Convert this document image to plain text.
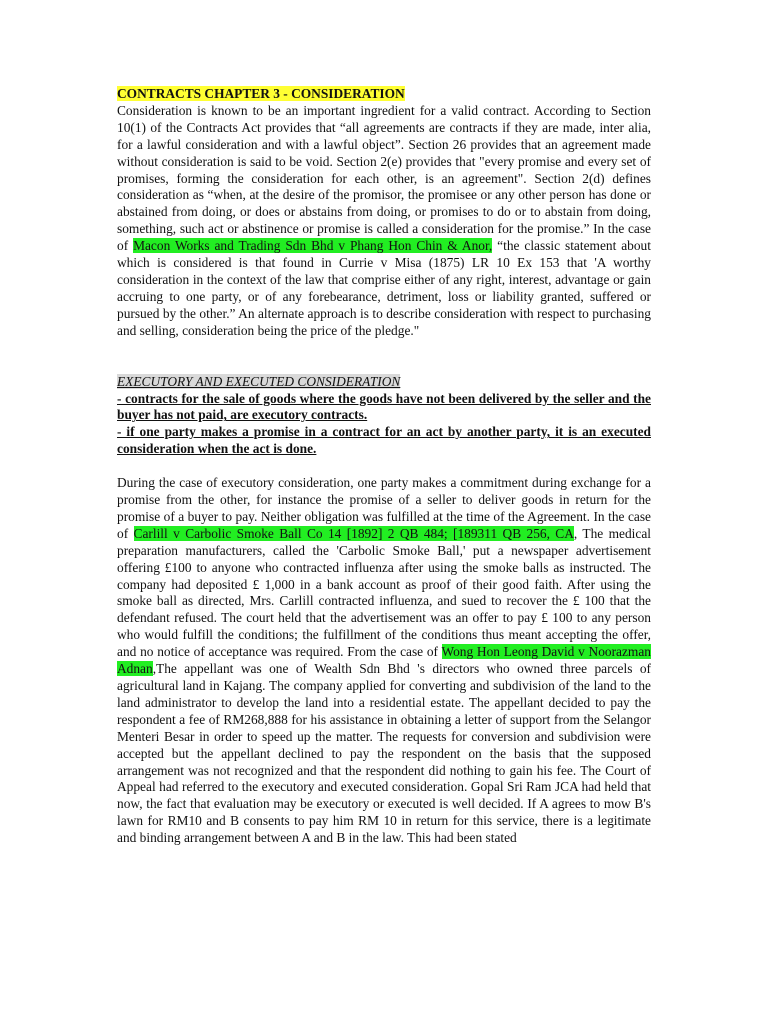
CONTRACTS CHAPTER 3 - CONSIDERATION

Consideration is known to be an important ingredient for a valid contract. According to Section 10(1) of the Contracts Act provides that “all agreements are contracts if they are made, inter alia, for a lawful consideration and with a lawful object”. Section 26 provides that an agreement made without consideration is said to be void. Section 2(e) provides that "every promise and every set of promises, forming the consideration for each other, is an agreement". Section 2(d) defines consideration as “when, at the desire of the promisor, the promisee or any other person has done or abstained from doing, or does or abstains from doing, or promises to do or to abstain from doing, something, such act or abstinence or promise is called a consideration for the promise.” In the case of Macon Works and Trading Sdn Bhd v Phang Hon Chin & Anor, “the classic statement about which is considered is that found in Currie v Misa (1875) LR 10 Ex 153 that 'A worthy consideration in the context of the law that comprise either of any right, interest, advantage or gain accruing to one party, or of any forebearance, detriment, loss or liability granted, suffered or pursued by the other.” An alternate approach is to describe consideration with respect to purchasing and selling, consideration being the price of the pledge."

EXECUTORY AND EXECUTED CONSIDERATION

- contracts for the sale of goods where the goods have not been delivered by the seller and the buyer has not paid, are executory contracts.

- if one party makes a promise in a contract for an act by another party, it is an executed consideration when the act is done.

During the case of executory consideration, one party makes a commitment during exchange for a promise from the other, for instance the promise of a seller to deliver goods in return for the promise of a buyer to pay. Neither obligation was fulfilled at the time of the Agreement. In the case of Carlill v Carbolic Smoke Ball Co 14 [1892] 2 QB 484; [189311 QB 256, CA, The medical preparation manufacturers, called the 'Carbolic Smoke Ball,' put a newspaper advertisement offering £100 to anyone who contracted influenza after using the smoke balls as instructed. The company had deposited £ 1,000 in a bank account as proof of their good faith. After using the smoke ball as directed, Mrs. Carlill contracted influenza, and sued to recover the £ 100 that the defendant refused. The court held that the advertisement was an offer to pay £ 100 to any person who would fulfill the conditions; the fulfillment of the conditions thus meant accepting the offer, and no notice of acceptance was required. From the case of Wong Hon Leong David v Noorazman Adnan,The appellant was one of Wealth Sdn Bhd 's directors who owned three parcels of agricultural land in Kajang. The company applied for converting and subdivision of the land to the land administrator to develop the land into a residential estate. The appellant decided to pay the respondent a fee of RM268,888 for his assistance in obtaining a letter of support from the Selangor Menteri Besar in order to speed up the matter. The requests for conversion and subdivision were accepted but the appellant declined to pay the respondent on the basis that the supposed arrangement was not recognized and that the respondent did nothing to gain his fee. The Court of Appeal had referred to the executory and executed consideration. Gopal Sri Ram JCA had held that now, the fact that evaluation may be executory or executed is well decided. If A agrees to mow B's lawn for RM10 and B consents to pay him RM 10 in return for this service, there is a legitimate and binding arrangement between A and B in the law. This had been stated
